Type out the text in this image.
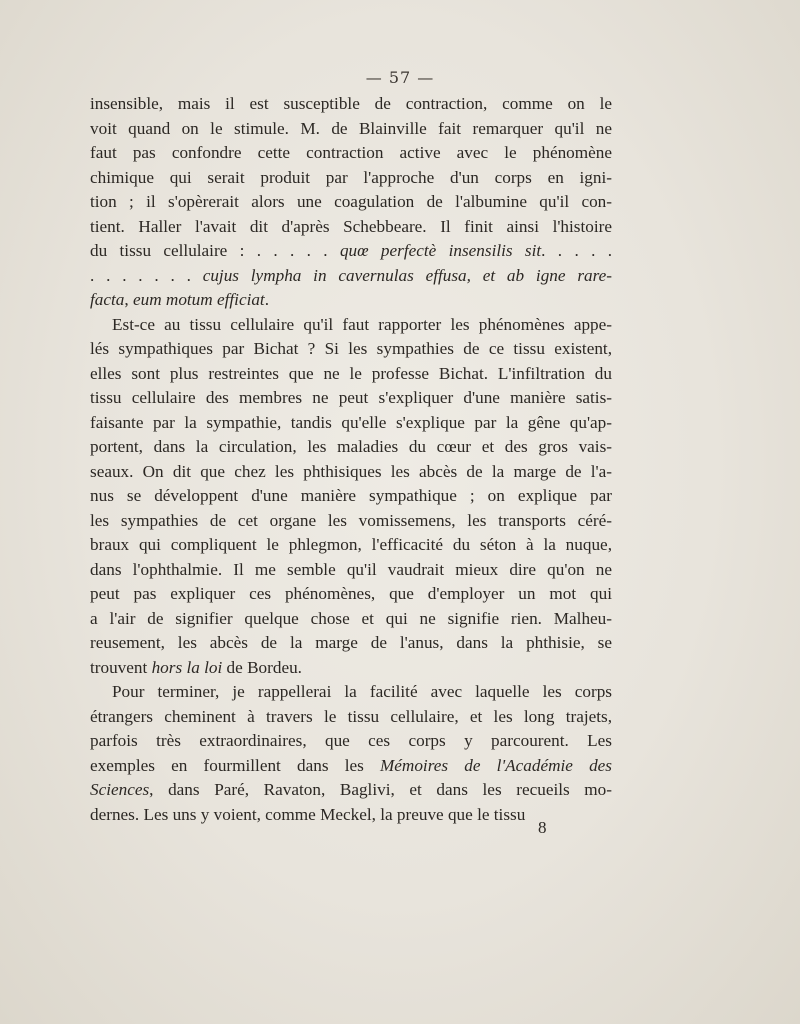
— 57 —

insensible, mais il est susceptible de contraction, comme on le
voit quand on le stimule. M. de Blainville fait remarquer qu'il ne
faut pas confondre cette contraction active avec le phénomène
chimique qui serait produit par l'approche d'un corps en igni-
tion ; il s'opèrerait alors une coagulation de l'albumine qu'il con-
tient. Haller l'avait dit d'après Schebbeare. Il finit ainsi l'histoire
du tissu cellulaire : . . . . . quœ perfectè insensilis sit. . . . .
. . . . . . . cujus lympha in cavernulas effusa, et ab igne rare-
facta, eum motum efficiat.

Est-ce au tissu cellulaire qu'il faut rapporter les phénomènes appe-
lés sympathiques par Bichat ? Si les sympathies de ce tissu existent,
elles sont plus restreintes que ne le professe Bichat. L'infiltration du
tissu cellulaire des membres ne peut s'expliquer d'une manière satis-
faisante par la sympathie, tandis qu'elle s'explique par la gêne qu'ap-
portent, dans la circulation, les maladies du cœur et des gros vais-
seaux. On dit que chez les phthisiques les abcès de la marge de l'a-
nus se développent d'une manière sympathique ; on explique par
les sympathies de cet organe les vomissemens, les transports céré-
braux qui compliquent le phlegmon, l'efficacité du séton à la nuque,
dans l'ophthalmie. Il me semble qu'il vaudrait mieux dire qu'on ne
peut pas expliquer ces phénomènes, que d'employer un mot qui
a l'air de signifier quelque chose et qui ne signifie rien. Malheu-
reusement, les abcès de la marge de l'anus, dans la phthisie, se
trouvent hors la loi de Bordeu.

Pour terminer, je rappellerai la facilité avec laquelle les corps
étrangers cheminent à travers le tissu cellulaire, et les long trajets,
parfois très extraordinaires, que ces corps y parcourent. Les
exemples en fourmillent dans les Mémoires de l'Académie des
Sciences, dans Paré, Ravaton, Baglivi, et dans les recueils mo-
dernes. Les uns y voient, comme Meckel, la preuve que le tissu

8
